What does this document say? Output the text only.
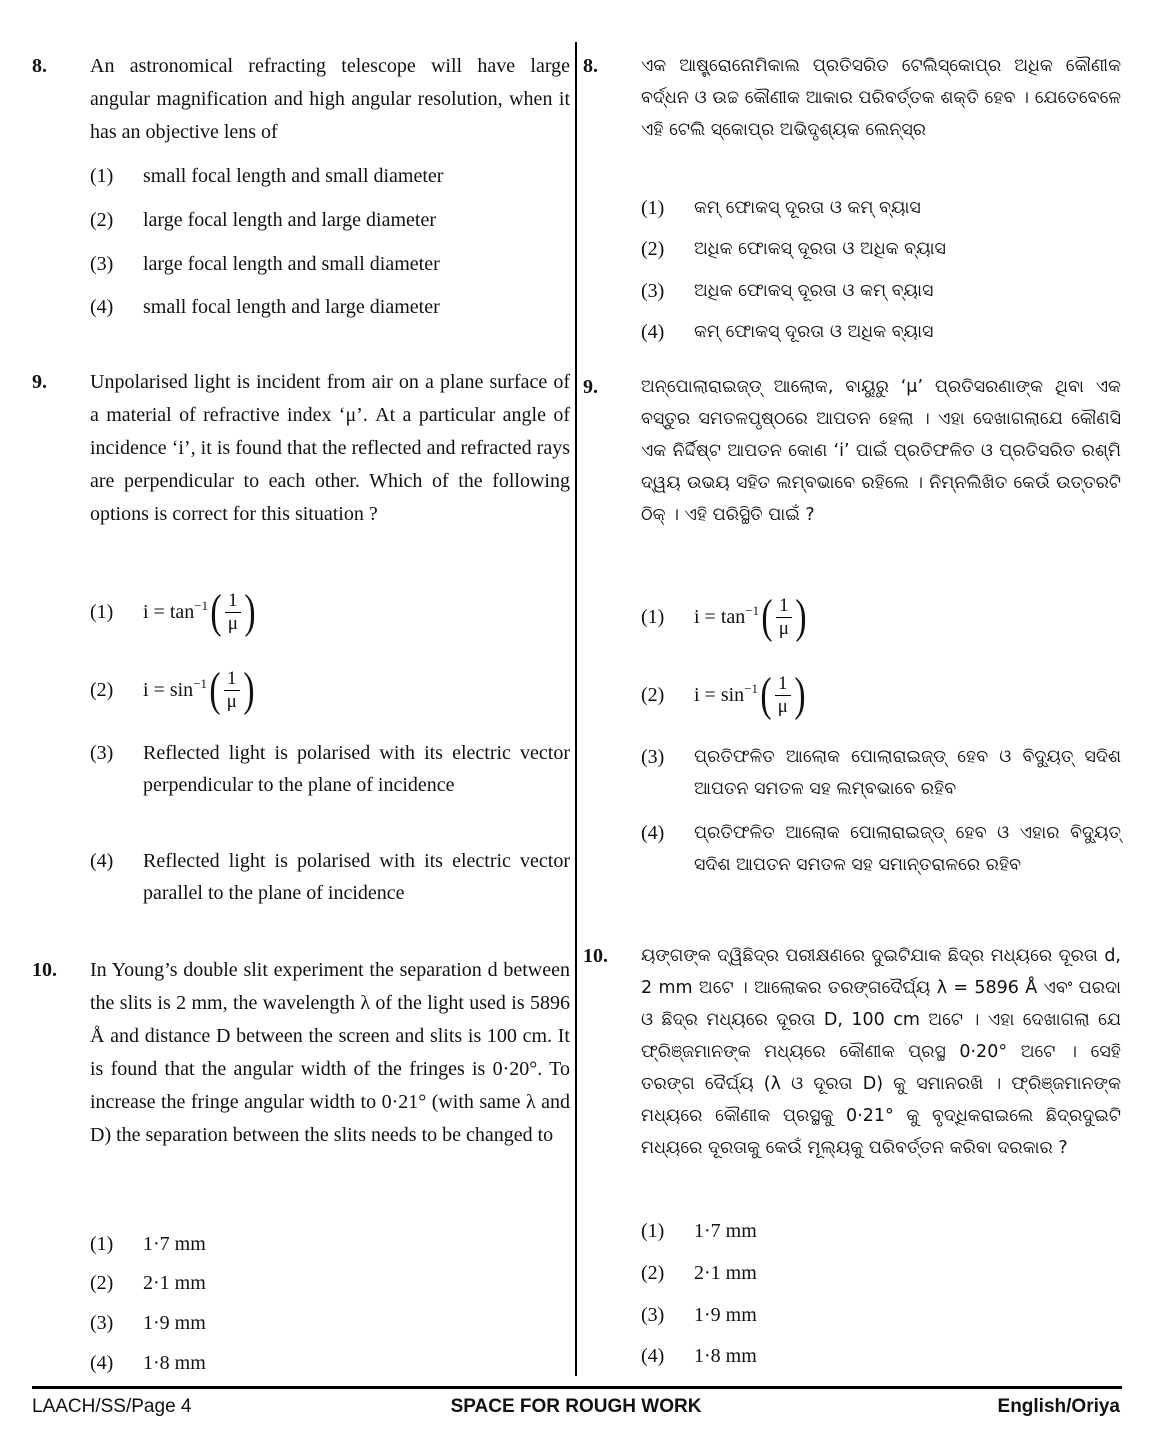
8. An astronomical refracting telescope will have large angular magnification and high angular resolution, when it has an objective lens of
(1) small focal length and small diameter
(2) large focal length and large diameter
(3) large focal length and small diameter
(4) small focal length and large diameter
9. Unpolarised light is incident from air on a plane surface of a material of refractive index ‘μ’. At a particular angle of incidence ‘i’, it is found that the reflected and refracted rays are perpendicular to each other. Which of the following options is correct for this situation ?
(1) i = tan −1 ( $\frac{1}{\mu}$ )
(2) i = sin −1 ( $\frac{1}{\mu}$ )
(3) Reflected light is polarised with its electric vector perpendicular to the plane of incidence
(4) Reflected light is polarised with its electric vector parallel to the plane of incidence
10. In Young’s double slit experiment the separation d between the slits is 2 mm, the wavelength λ of the light used is 5896 Å and distance D between the screen and slits is 100 cm. It is found that the angular width of the fringes is 0·20°. To increase the fringe angular width to 0·21° (with same λ and D) the separation between the slits needs to be changed to
(1) 1·7 mm
(2) 2·1 mm
(3) 1·9 mm
(4) 1·8 mm
8. ଏକ ଆଷ୍ଟ୍ରୋନୋମିକାଲ ପ୍ରତିସରିତ ଟେଲିସ୍କୋପ୍‌ର ଅଧିକ କୌଣୀକ ବର୍ଦ୍ଧନ ଓ ଉଚ୍ଚ କୌଣୀକ ଆକାର ପରିବର୍ତ୍ତକ ଶକ୍ତି ହେବ । ଯେତେବେଳେ ଏହି ଟେଲି ସ୍କୋପ୍‌ର ଅଭିଦୃଶ୍ୟକ ଲେନ୍ସ୍‌ର
(1) କମ୍ ଫୋକସ୍ ଦୂରତା ଓ କମ୍ ବ୍ୟାସ
(2) ଅଧିକ ଫୋକସ୍ ଦୂରତା ଓ ଅଧିକ ବ୍ୟାସ
(3) ଅଧିକ ଫୋକସ୍ ଦୂରତା ଓ କମ୍ ବ୍ୟାସ
(4) କମ୍ ଫୋକସ୍ ଦୂରତା ଓ ଅଧିକ ବ୍ୟାସ
9. ଅନ୍‌ପୋଲାରାଇଜ୍‌ଡ୍ ଆଲୋକ, ବାୟୁରୁ ‘μ’ ପ୍ରତିସରଣାଙ୍କ ଥିବା ଏକ ବସ୍ତୁର ସମତଳପୃଷ୍ଠରେ ଆପତନ ହେଲା । ଏହା ଦେଖାଗଲାଯେ କୌଣସି ଏକ ନିର୍ଦ୍ଦିଷ୍ଟ ଆପତନ କୋଣ ‘i’ ପାଇଁ ପ୍ରତିଫଳିତ ଓ ପ୍ରତିସରିତ ରଶ୍ମି ଦ୍ୱୟ ଉଭୟ ସହିତ ଲମ୍ବଭାବେ ରହିଲେ । ନିମ୍ନଲିଖିତ କେଉଁ ଉତ୍ତରଟି ଠିକ୍ । ଏହି ପରିସ୍ଥିତି ପାଇଁ ?
(1) i = tan −1 ( $\frac{1}{\mu}$ )
(2) i = sin −1 ( $\frac{1}{\mu}$ )
(3) ପ୍ରତିଫଳିତ ଆଲୋକ ପୋଲାରାଇଜ୍‌ଡ୍ ହେବ ଓ ବିଦ୍ୟୁତ୍ ସଦିଶ ଆପତନ ସମତଳ ସହ ଲମ୍ବଭାବେ ରହିବ
(4) ପ୍ରତିଫଳିତ ଆଲୋକ ପୋଲାରାଇଜ୍‌ଡ୍ ହେବ ଓ ଏହାର ବିଦ୍ୟୁତ୍ ସଦିଶ ଆପତନ ସମତଳ ସହ ସମାନ୍ତରାଳରେ ରହିବ
10. ୟଙ୍ଗଙ୍କ ଦ୍ୱିଛିଦ୍ର ପରୀକ୍ଷଣରେ ଦୁଇଟିଯାକ ଛିଦ୍ର ମଧ୍ୟରେ ଦୂରତା d, 2 mm ଅଟେ । ଆଲୋକର ତରଙ୍ଗଦୈର୍ଘ୍ୟ λ = 5896 Å ଏବଂ ପରଦା ଓ ଛିଦ୍ର ମଧ୍ୟରେ ଦୂରତା D, 100 cm ଅଟେ । ଏହା ଦେଖାଗଲା ଯେ ଫ୍ରିଞ୍ଜମାନଙ୍କ ମଧ୍ୟରେ କୌଣୀକ ପ୍ରସ୍ଥ 0·20° ଅଟେ । ସେହି ତରଙ୍ଗ ଦୈର୍ଘ୍ୟ (λ ଓ ଦୂରତା D) କୁ ସମାନରଖି । ଫ୍ରିଞ୍ଜମାନଙ୍କ ମଧ୍ୟରେ କୌଣୀକ ପ୍ରସ୍ଥକୁ 0·21° କୁ ବୃଦ୍ଧିକରାଇଲେ ଛିଦ୍ରଦୁଇଟି ମଧ୍ୟରେ ଦୂରତାକୁ କେଉଁ ମୂଲ୍ୟକୁ ପରିବର୍ତ୍ତନ କରିବା ଦରକାର ?
(1) 1·7 mm
(2) 2·1 mm
(3) 1·9 mm
(4) 1·8 mm
SPACE FOR ROUGH WORK
LAACH/SS/Page 4	English/Oriya
